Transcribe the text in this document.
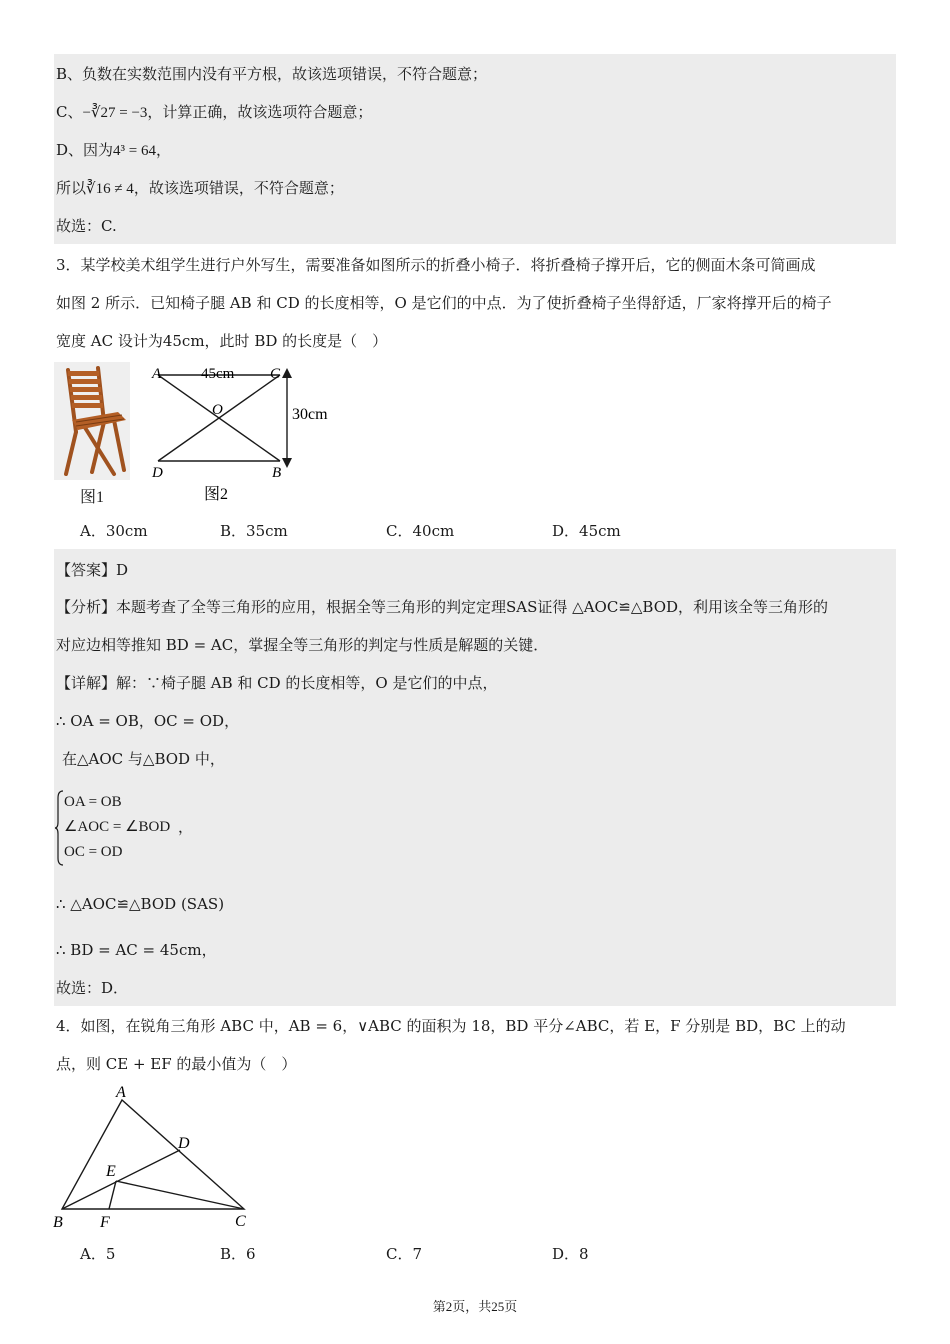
B、负数在实数范围内没有平方根，故该选项错误，不符合题意；
C、−∛27 = −3，计算正确，故该选项符合题意；
D、因为4³ = 64，
所以∛16 ≠ 4，故该选项错误，不符合题意；
故选：C.
3．某学校美术组学生进行户外写生，需要准备如图所示的折叠小椅子．将折叠椅子撑开后，它的侧面木条可简画成
如图 2 所示．已知椅子腿 AB 和 CD 的长度相等，O 是它们的中点．为了使折叠椅子坐得舒适，厂家将撑开后的椅子
宽度 AC 设计为45cm，此时 BD 的长度是（　）
A	C
O
D	B
45cm
30cm
图2
图1
A．30cm	B．35cm	C．40cm	D．45cm
【答案】D
【分析】本题考查了全等三角形的应用，根据全等三角形的判定定理SAS证得 △AOC≌△BOD，利用该全等三角形的
对应边相等推知 BD = AC，掌握全等三角形的判定与性质是解题的关键．
【详解】解：∵椅子腿 AB 和 CD 的长度相等，O 是它们的中点，
∴ OA = OB，OC = OD，
在△AOC 与△BOD 中，
OA = OB
∠AOC = ∠BOD
OC = OD
，
∴ △AOC≌△BOD (SAS)
∴ BD = AC = 45cm，
故选：D．
4．如图，在锐角三角形 ABC 中，AB = 6，∨ABC 的面积为 18，BD 平分∠ABC，若 E，F 分别是 BD，BC 上的动
点，则 CE + EF 的最小值为（　）
A
D
E
B F	C
A．5	B．6	C．7	D．8
第2页，共25页
